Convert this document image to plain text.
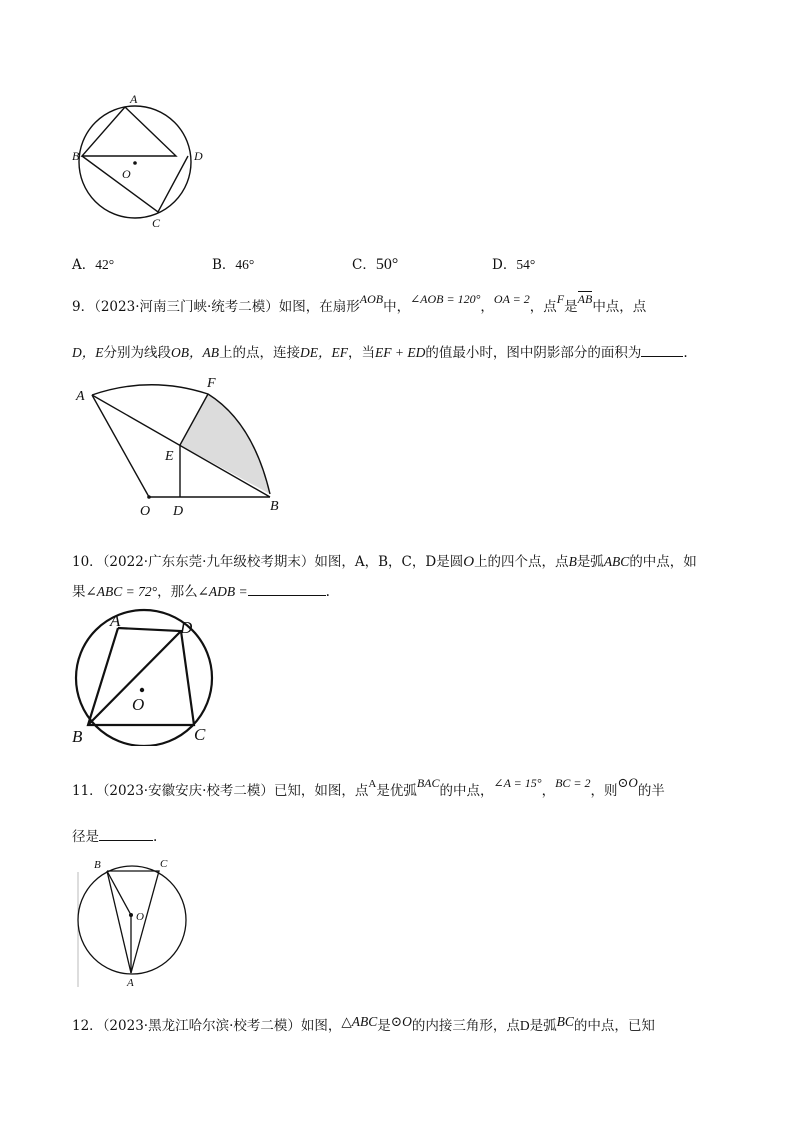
A
B	D
O
C
A．42°	B．46°	C．50°	D．54°
9．（2023·河南三门峡·统考二模）如图，在扇形AOB中，∠AOB = 120°，OA = 2，点F是AB中点，点
D，E分别为线段OB，AB上的点，连接DE，EF，当EF + ED的值最小时，图中阴影部分的面积为	.
A
F
E
O D	B
10．（2022·广东东莞·九年级校考期末）如图，A，B，C，D是圆O上的四个点，点B是弧ABC的中点，如
果∠ABC = 72°，那么∠ADB =	.
A	D
O
B	C
11．（2023·安徽安庆·校考二模）已知，如图，点$^A$是优弧BAC的中点，∠A = 15°，BC = 2，则⊙O的半
径是	.
B	C
O
A
12．（2023·黑龙江哈尔滨·校考二模）如图，△ABC是⊙O的内接三角形，点D是弧BC的中点，已知
